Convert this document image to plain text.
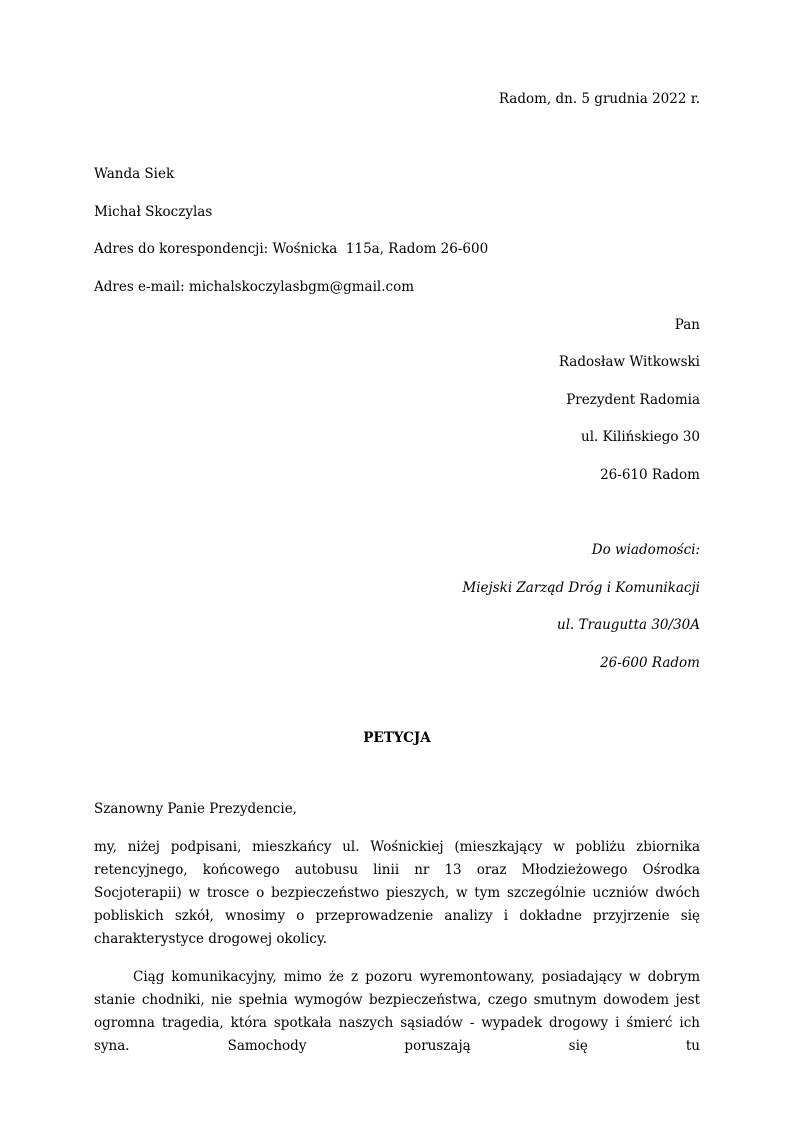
Radom, dn. 5 grudnia 2022 r.

Wanda Siek

Michał Skoczylas

Adres do korespondencji: Wośnicka  115a, Radom 26-600

Adres e-mail: michalskoczylasbgm@gmail.com

Pan

Radosław Witkowski

Prezydent Radomia

ul. Kilińskiego 30

26-610 Radom

Do wiadomości:

Miejski Zarząd Dróg i Komunikacji

ul. Traugutta 30/30A

26-600 Radom

PETYCJA

Szanowny Panie Prezydencie,

my, niżej podpisani, mieszkańcy ul. Wośnickiej (mieszkający w pobliżu zbiornika retencyjnego, końcowego autobusu linii nr 13 oraz Młodzieżowego Ośrodka Socjoterapii) w trosce o bezpieczeństwo pieszych, w tym szczególnie uczniów dwóch pobliskich szkół, wnosimy o przeprowadzenie analizy i dokładne przyjrzenie się charakterystyce drogowej okolicy.

Ciąg komunikacyjny, mimo że z pozoru wyremontowany, posiadający w dobrym stanie chodniki, nie spełnia wymogów bezpieczeństwa, czego smutnym dowodem jest ogromna tragedia, która spotkała naszych sąsiadów - wypadek drogowy i śmierć ich syna. Samochody poruszają się tu
